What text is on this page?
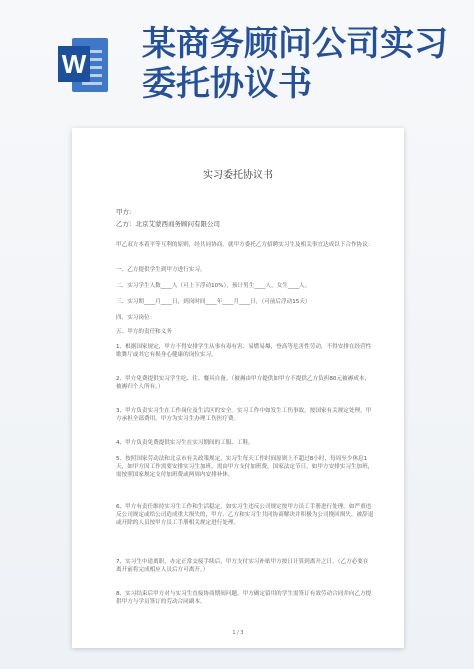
W 某商务顾问公司实习委托协议书
实习委托协议书
甲方:
乙方：北京艾蒙西商务顾问有限公司
甲乙双方本着平等互利的原则，经共同协商，就甲方委托乙方招聘实习生及相关事宜达成以下合作协议：
一、乙方提供学生到甲方进行实习。
二、实习学生人数____人（可上下浮动10%），预计男生____人，女生____人。
三、实习期____月____日，到岗时间____年____月____日，（可前后浮动15天）
四、实习岗位：
五、甲方的责任和义务
1、根据国家规定，甲方不得安排学生从事有毒有害、易燃易爆，登高等危害性劳动，不得安排在经营性歌舞厅或其它有损身心健康的岗位实习。
2、甲方免费提供实习学生吃、住、餐具自备。（被褥由甲方提供如甲方不提供乙方负担80元被褥成本，被褥归个人所有。）
3、甲方负责实习生在工作岗位及生活区的安全。实习工作中如发生工伤事故，按国家有关规定处理，甲方承担全部费用，甲方为实习生办理工伤医疗费。
4、甲方负责免费提供实习生在实习期间的工服、工鞋。
5、按照国家劳动法和北京市有关政策规定，实习生每天工作时间原则上不超过8小时，每周至少休息1天，如甲方因工作需要安排实习生加班，需由甲方支付加班费。国家法定节日，如甲方安排实习生加班，需按照国家规定支付加班费或两周内安排补休。
6、甲方有责任维持实习生工作和生活稳定，如实习生违反公司规定按甲方员工手册进行处理。如严重违反公司规定或给公司造成重大损失的，甲方、乙方和实习生共同协商解决并积极为公司挽回损失，被辞退或开除的人员按甲方员工手册相关规定进行处理。
7、实习生中途离职，办定正常交接手续后，甲方支付实习补贴甲方按日计算到离开之日。（乙方必要在离开前将完成相应人员后方可离开。）
8、实习结束后甲方对与实习生直接协商期间问题，甲方确定留用的学生需签订有效劳动合同并向乙方提供甲方与学员签订的劳动合同副本。
1 / 3
